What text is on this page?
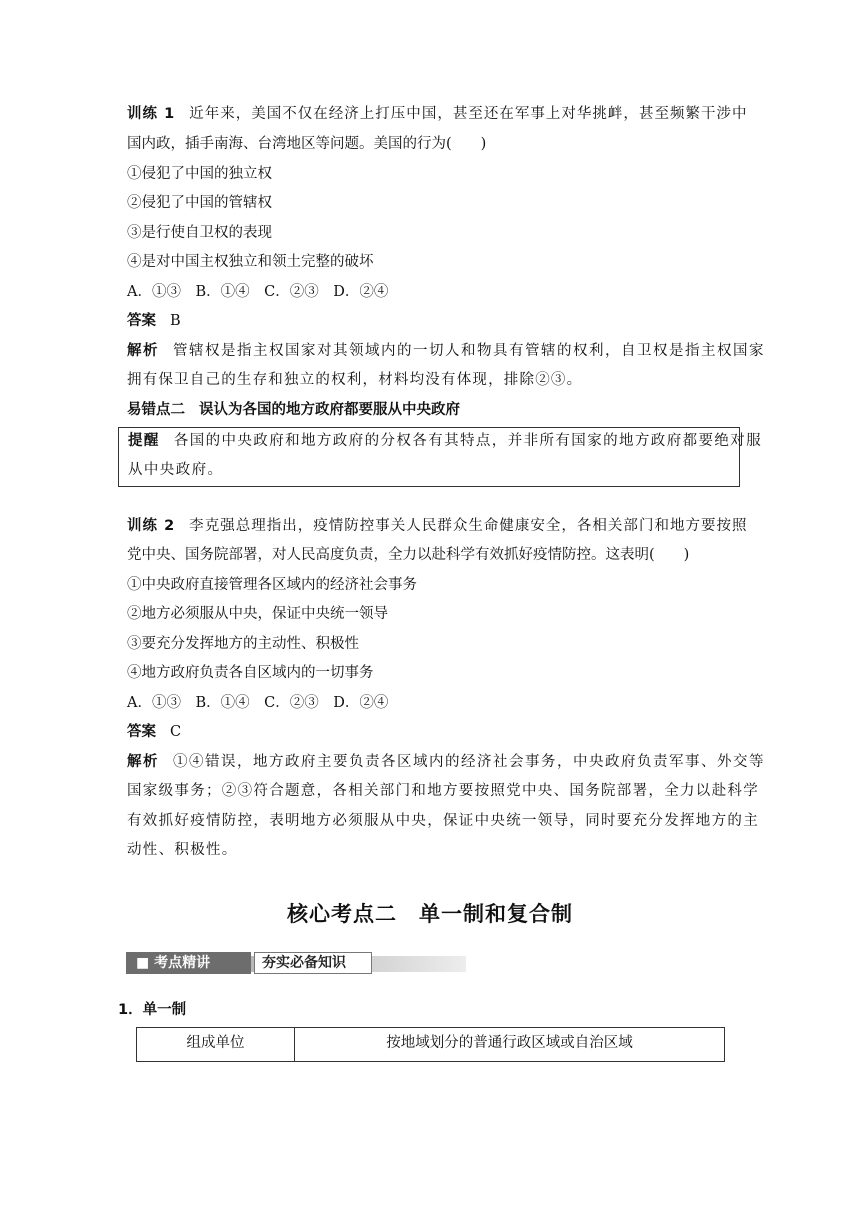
训练 1 近年来，美国不仅在经济上打压中国，甚至还在军事上对华挑衅，甚至频繁干涉中
国内政，插手南海、台湾地区等问题。美国的行为(　　)
①侵犯了中国的独立权
②侵犯了中国的管辖权
③是行使自卫权的表现
④是对中国主权独立和领土完整的破坏
A．①③　B．①④　C．②③　D．②④
答案 B
解析 管辖权是指主权国家对其领域内的一切人和物具有管辖的权利，自卫权是指主权国家
拥有保卫自己的生存和独立的权利，材料均没有体现，排除②③。
易错点二 误认为各国的地方政府都要服从中央政府
提醒 各国的中央政府和地方政府的分权各有其特点，并非所有国家的地方政府都要绝对服
从中央政府。
训练 2 李克强总理指出，疫情防控事关人民群众生命健康安全，各相关部门和地方要按照
党中央、国务院部署，对人民高度负责，全力以赴科学有效抓好疫情防控。这表明(　　)
①中央政府直接管理各区域内的经济社会事务
②地方必须服从中央，保证中央统一领导
③要充分发挥地方的主动性、积极性
④地方政府负责各自区域内的一切事务
A．①③　B．①④　C．②③　D．②④
答案 C
解析 ①④错误，地方政府主要负责各区域内的经济社会事务，中央政府负责军事、外交等
国家级事务；②③符合题意，各相关部门和地方要按照党中央、国务院部署，全力以赴科学
有效抓好疫情防控，表明地方必须服从中央，保证中央统一领导，同时要充分发挥地方的主
动性、积极性。
核心考点二　单一制和复合制
■ 考点精讲	夯实必备知识
1．单一制
组成单位	按地域划分的普通行政区域或自治区域
